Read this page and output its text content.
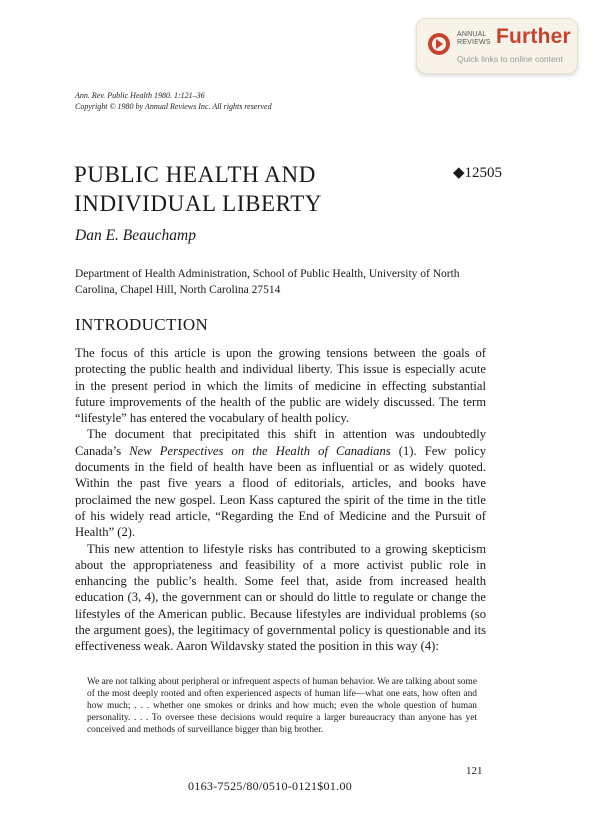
ANNUAL
REVIEWS Further
Quick links to online content
Ann. Rev. Public Health 1980. 1:121–36
Copyright © 1980 by Annual Reviews Inc. All rights reserved
PUBLIC HEALTH AND
INDIVIDUAL LIBERTY
◆12505
Dan E. Beauchamp
Department of Health Administration, School of Public Health, University of North Carolina, Chapel Hill, North Carolina 27514
INTRODUCTION

The focus of this article is upon the growing tensions between the goals of protecting the public health and individual liberty. This issue is especially acute in the present period in which the limits of medicine in effecting substantial future improvements of the health of the public are widely discussed. The term “lifestyle” has entered the vocabulary of health policy.

The document that precipitated this shift in attention was undoubtedly Canada’s New Perspectives on the Health of Canadians (1). Few policy documents in the field of health have been as influential or as widely quoted. Within the past five years a flood of editorials, articles, and books have proclaimed the new gospel. Leon Kass captured the spirit of the time in the title of his widely read article, “Regarding the End of Medicine and the Pursuit of Health” (2).

This new attention to lifestyle risks has contributed to a growing skepticism about the appropriateness and feasibility of a more activist public role in enhancing the public’s health. Some feel that, aside from increased health education (3, 4), the government can or should do little to regulate or change the lifestyles of the American public. Because lifestyles are individual problems (so the argument goes), the legitimacy of governmental policy is questionable and its effectiveness weak. Aaron Wildavsky stated the position in this way (4):

We are not talking about peripheral or infrequent aspects of human behavior. We are talking about some of the most deeply rooted and often experienced aspects of human life—what one eats, how often and how much; . . . whether one smokes or drinks and how much; even the whole question of human personality. . . . To oversee these decisions would require a larger bureaucracy than anyone has yet conceived and methods of surveillance bigger than big brother.
121
0163-7525/80/0510-0121$01.00
